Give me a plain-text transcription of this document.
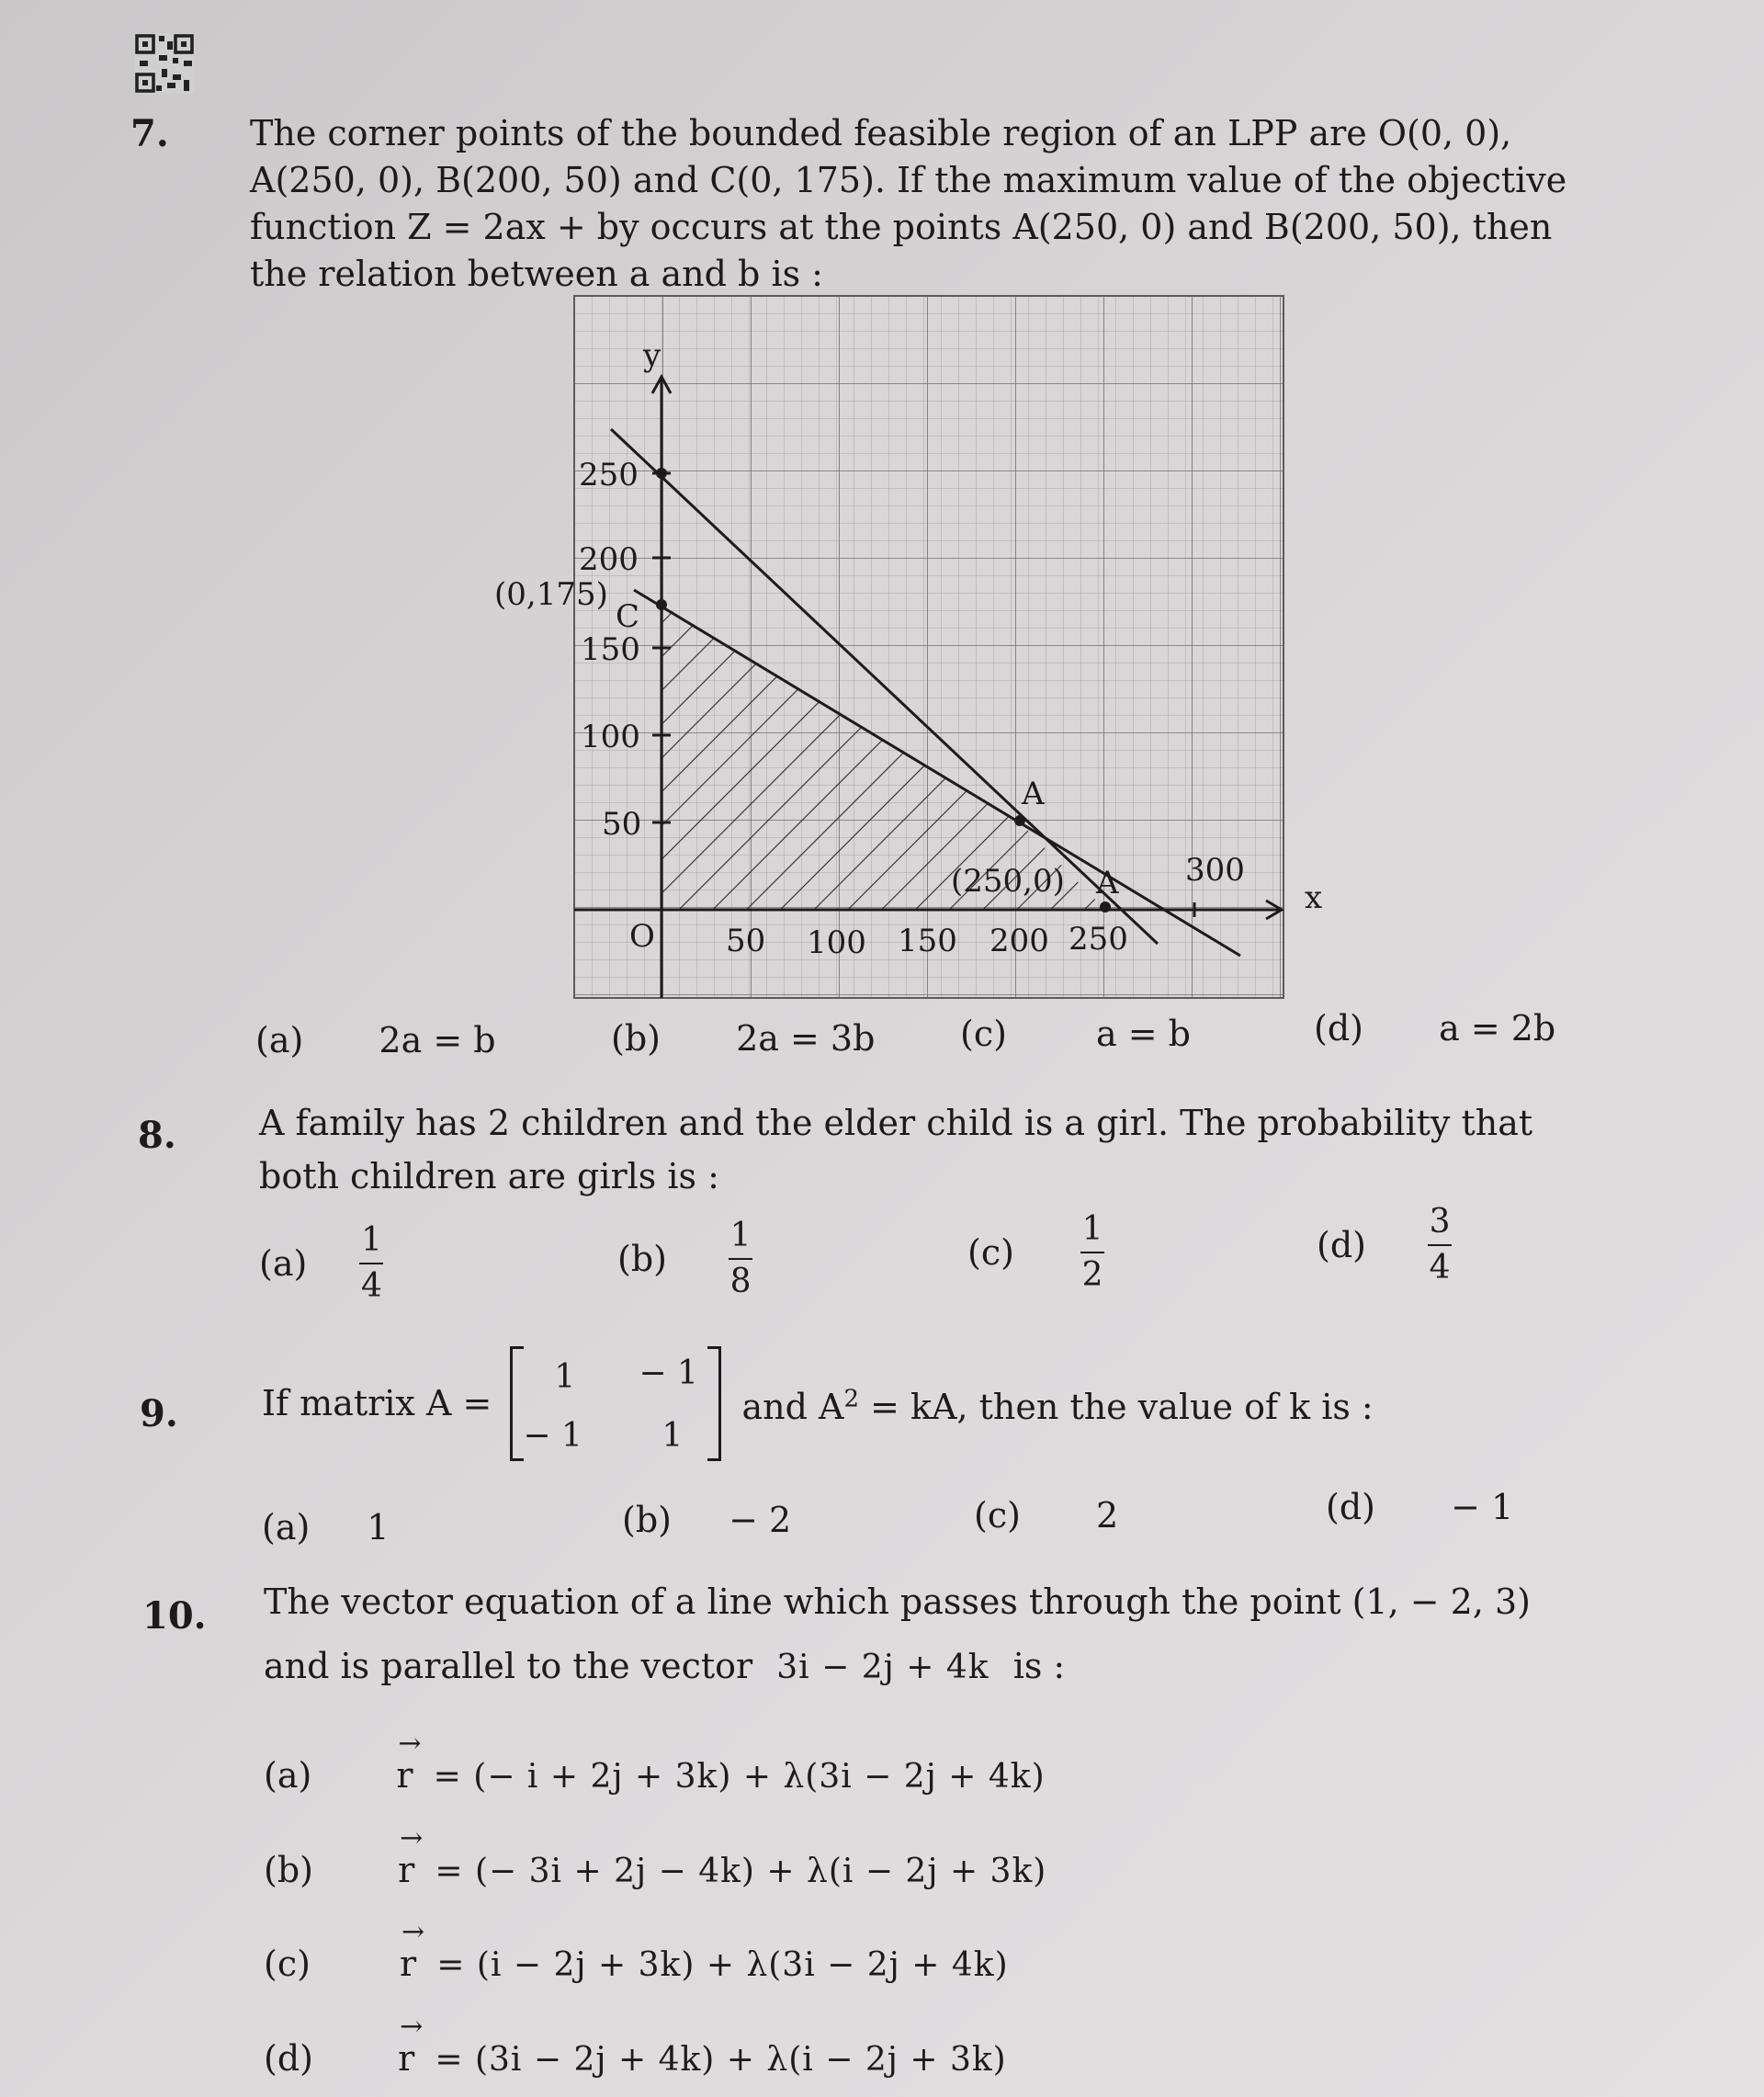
7. The corner points of the bounded feasible region of an LPP are O(0, 0),
A(250, 0), B(200, 50) and C(0, 175). If the maximum value of the objective
function Z = 2ax + by occurs at the points A(250, 0) and B(200, 50), then
the relation between a and b is :
y
x
250
200
150
100
50
50 100 150 200 250
300
O
(0,175)
C
A
(250,0) A
(a) 2a = b	(b) 2a = 3b (c)	a = b	(d) a = 2b
8. A family has 2 children and the elder child is a girl. The probability that
both children are girls is :
$(a) \frac{1}{4}$	$(b) \frac{1}{8}$	$(c) \frac{1}{2}$	$(d) \frac{3}{4}$
9. If matrix A =
1 − 1
− 1 1
and $A^2$ = kA, then the value of k is :
(a) 1	(b) − 2	(c) 2	(d) − 1
10. The vector equation of a line which passes through the point (1, − 2, 3)
and is parallel to the vector 3i − 2j + 4k is :
(a)
→
r = (− i + 2j + 3k) + λ(3i − 2j + 4k)
(b)
→
r = (− 3i + 2j − 4k) + λ(i − 2j + 3k)
(c)
→
r = (i − 2j + 3k) + λ(3i − 2j + 4k)
(d)
→
r = (3i − 2j + 4k) + λ(i − 2j + 3k)
